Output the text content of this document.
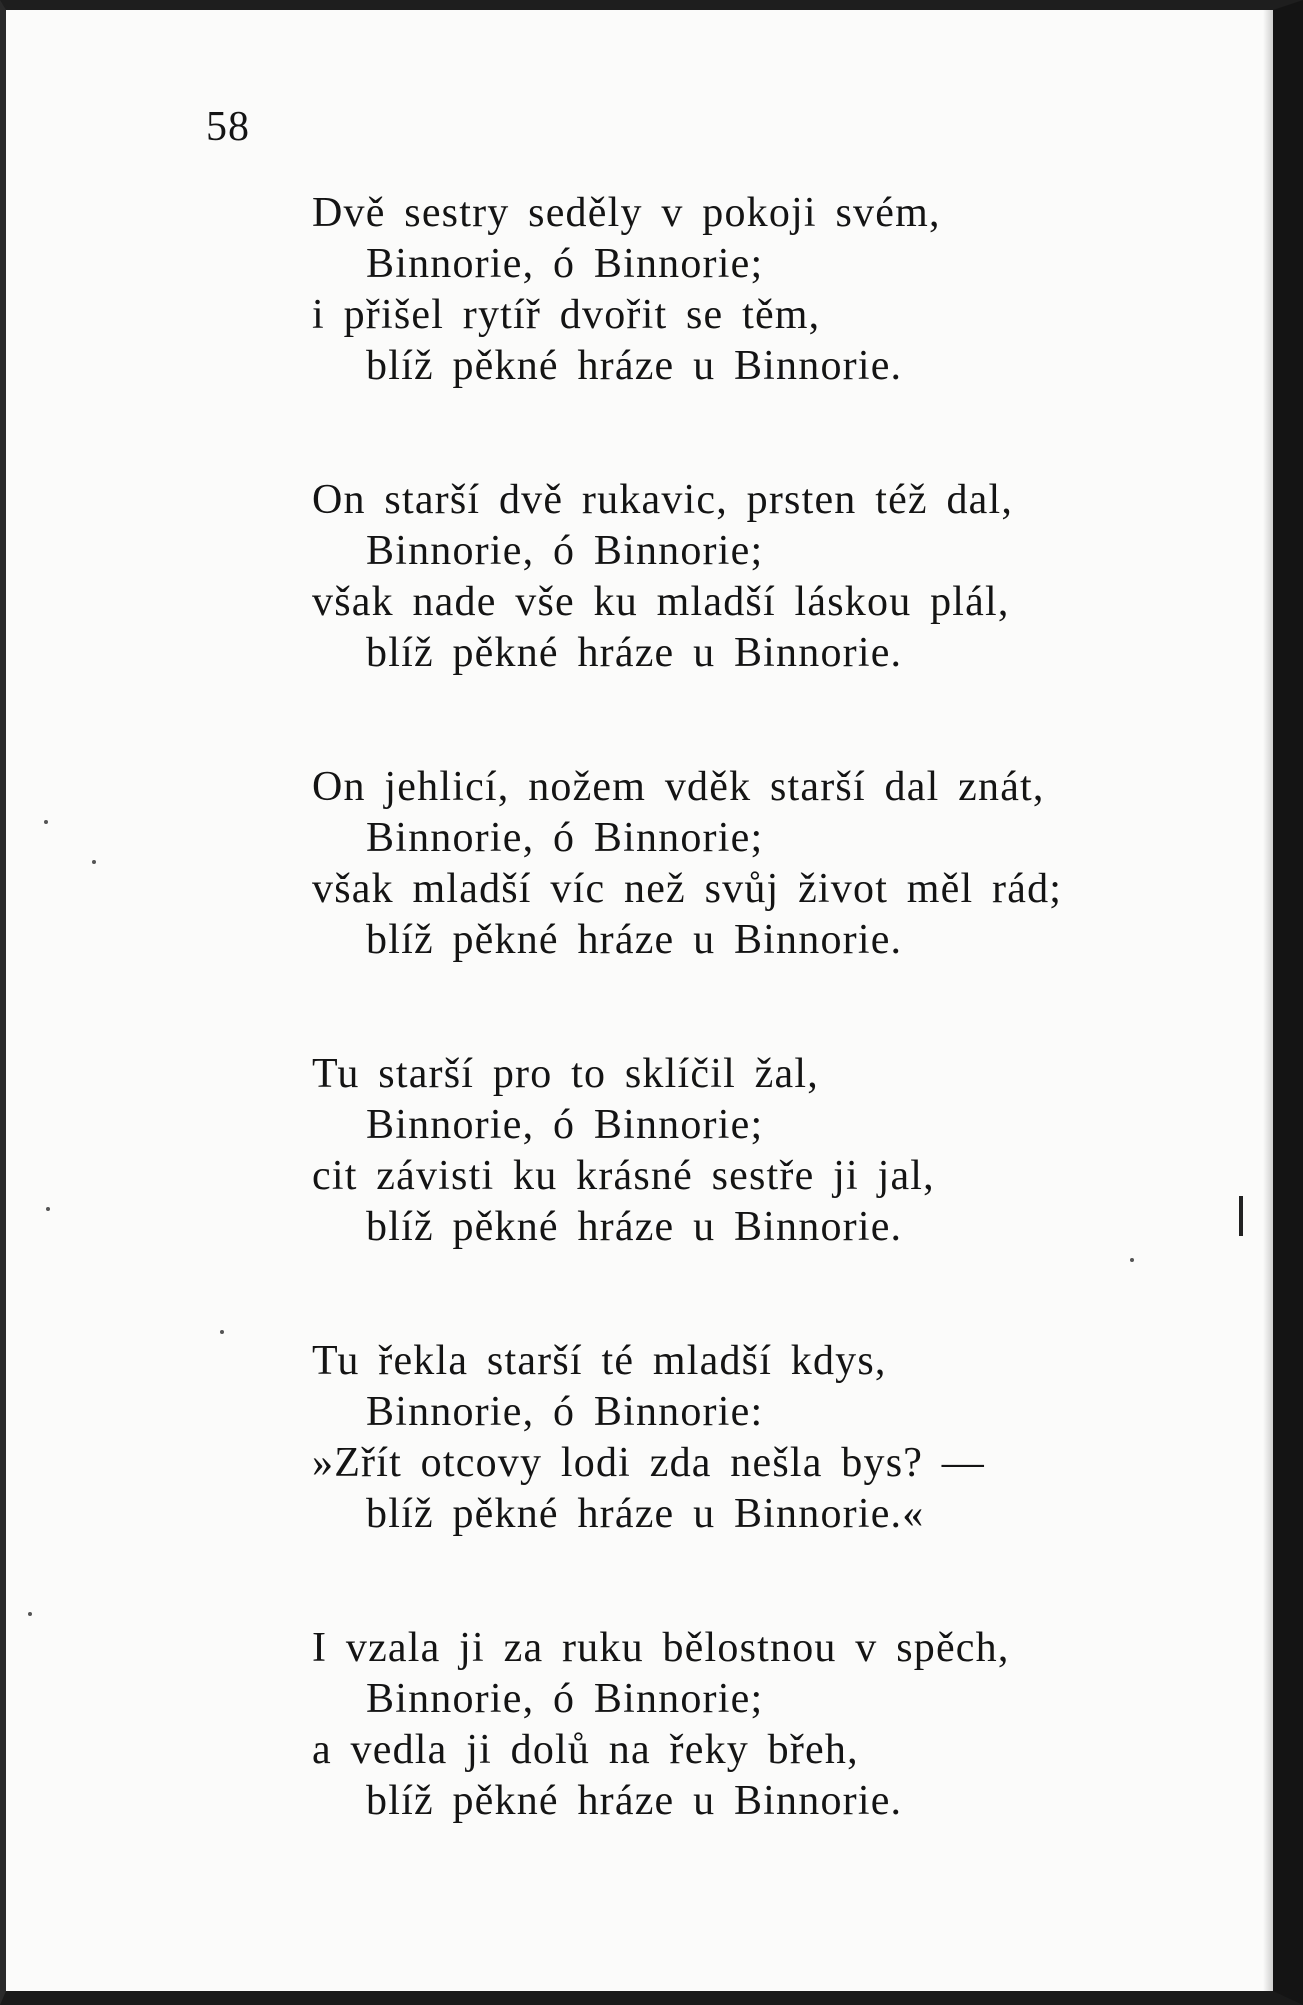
58
Dvě sestry seděly v pokoji svém,
Binnorie, ó Binnorie;
i přišel rytíř dvořit se těm,
blíž pěkné hráze u Binnorie.
On starší dvě rukavic, prsten též dal,
Binnorie, ó Binnorie;
však nade vše ku mladší láskou plál,
blíž pěkné hráze u Binnorie.
On jehlicí, nožem vděk starší dal znát,
Binnorie, ó Binnorie;
však mladší víc než svůj život měl rád;
blíž pěkné hráze u Binnorie.
Tu starší pro to sklíčil žal,
Binnorie, ó Binnorie;
cit závisti ku krásné sestře ji jal,
blíž pěkné hráze u Binnorie.
Tu řekla starší té mladší kdys,
Binnorie, ó Binnorie:
»Zřít otcovy lodi zda nešla bys? —
blíž pěkné hráze u Binnorie.«
I vzala ji za ruku bělostnou v spěch,
Binnorie, ó Binnorie;
a vedla ji dolů na řeky břeh,
blíž pěkné hráze u Binnorie.
